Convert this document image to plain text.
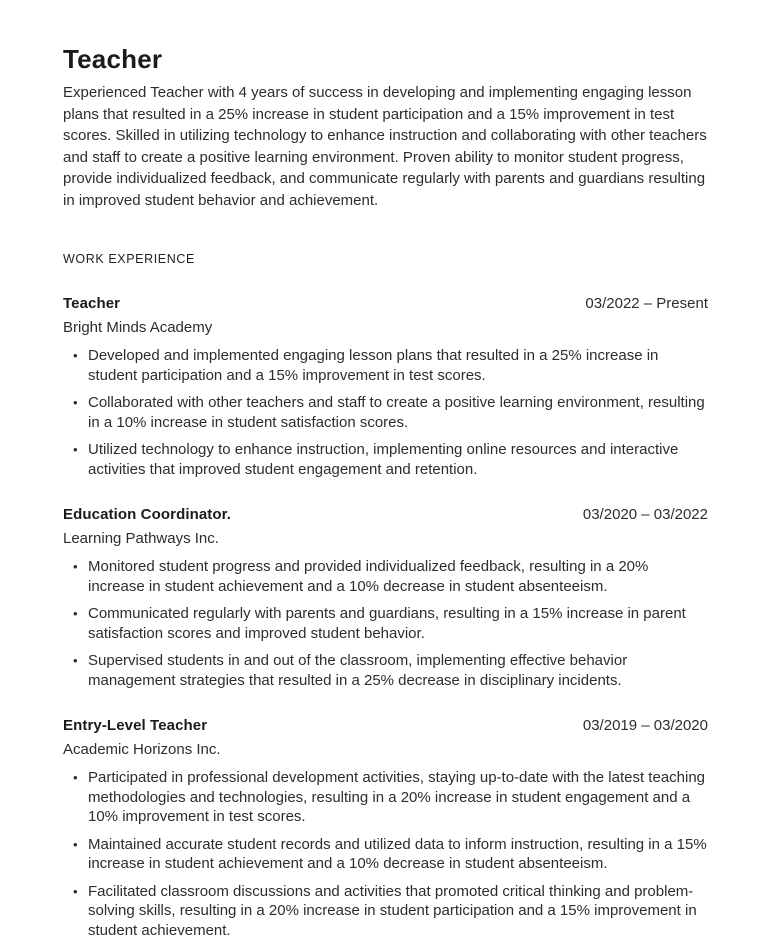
Teacher

Experienced Teacher with 4 years of success in developing and implementing engaging lesson plans that resulted in a 25% increase in student participation and a 15% improvement in test scores. Skilled in utilizing technology to enhance instruction and collaborating with other teachers and staff to create a positive learning environment. Proven ability to monitor student progress, provide individualized feedback, and communicate regularly with parents and guardians resulting in improved student behavior and achievement.

WORK EXPERIENCE
Teacher	03/2022 – Present
Bright Minds Academy
• Developed and implemented engaging lesson plans that resulted in a 25% increase in student participation and a 15% improvement in test scores.
• Collaborated with other teachers and staff to create a positive learning environment, resulting in a 10% increase in student satisfaction scores.
• Utilized technology to enhance instruction, implementing online resources and interactive activities that improved student engagement and retention.
Education Coordinator.	03/2020 – 03/2022
Learning Pathways Inc.
• Monitored student progress and provided individualized feedback, resulting in a 20% increase in student achievement and a 10% decrease in student absenteeism.
• Communicated regularly with parents and guardians, resulting in a 15% increase in parent satisfaction scores and improved student behavior.
• Supervised students in and out of the classroom, implementing effective behavior management strategies that resulted in a 25% decrease in disciplinary incidents.
Entry-Level Teacher	03/2019 – 03/2020
Academic Horizons Inc.
• Participated in professional development activities, staying up-to-date with the latest teaching methodologies and technologies, resulting in a 20% increase in student engagement and a 10% improvement in test scores.
• Maintained accurate student records and utilized data to inform instruction, resulting in a 15% increase in student achievement and a 10% decrease in student absenteeism.
• Facilitated classroom discussions and activities that promoted critical thinking and problem-solving skills, resulting in a 20% increase in student participation and a 15% improvement in student achievement.
